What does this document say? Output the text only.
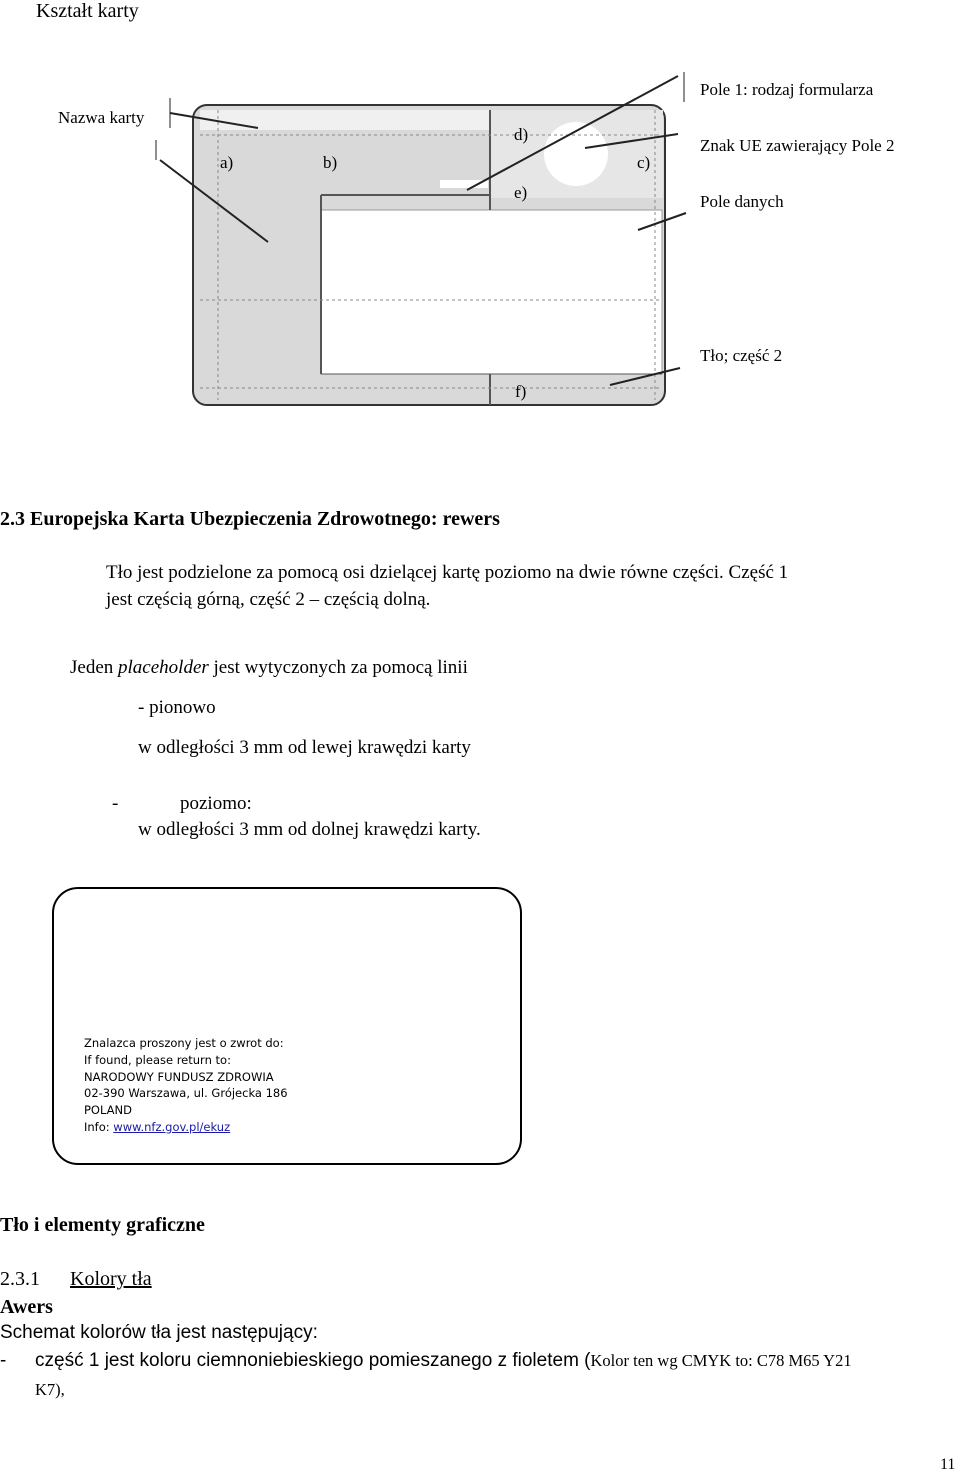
Kształt karty
a)	b)	c)
d)
e)
f)
Nazwa karty
Pole 1: rodzaj formularza
Znak UE zawierający Pole 2
Pole danych
Tło; część 2
2.3 Europejska Karta Ubezpieczenia Zdrowotnego: rewers
Tło jest podzielone za pomocą osi dzielącej kartę poziomo na dwie równe części. Część 1
jest częścią górną, część 2 – częścią dolną.
Jeden placeholder jest wytyczonych za pomocą linii
- pionowo
w odległości 3 mm od lewej krawędzi karty
-	poziomo:
w odległości 3 mm od dolnej krawędzi karty.
Znalazca proszony jest o zwrot do:
If found, please return to:
NARODOWY FUNDUSZ ZDROWIA
02-390 Warszawa, ul. Grójecka 186
POLAND
Info: www.nfz.gov.pl/ekuz
Tło i elementy graficzne
2.3.1 Kolory tła
Awers
Schemat kolorów tła jest następujący:
- część 1 jest koloru ciemnoniebieskiego pomieszanego z fioletem (Kolor ten wg CMYK to: C78 M65 Y21
K7),
11
